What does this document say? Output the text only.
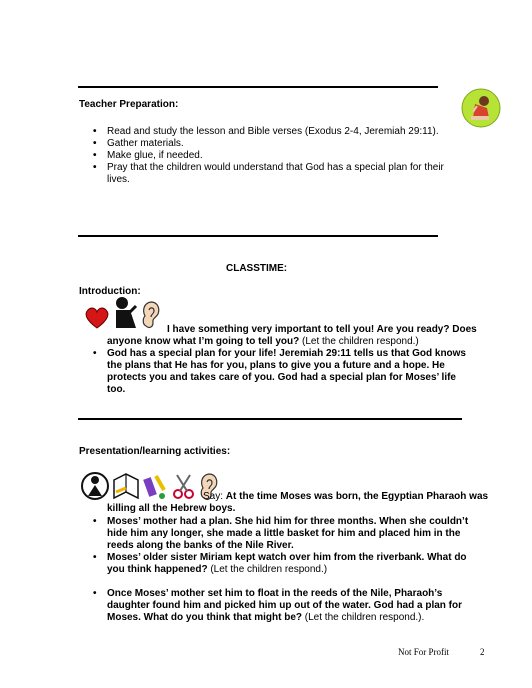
Teacher Preparation:
• Read and study the lesson and Bible verses (Exodus 2-4, Jeremiah 29:11).
• Gather materials.
• Make glue, if needed.
• Pray that the children would understand that God has a special plan for their lives.
CLASSTIME:
Introduction:
I have something very important to tell you! Are you ready? Does anyone know what I’m going to tell you? (Let the children respond.)
• God has a special plan for your life! Jeremiah 29:11 tells us that God knows the plans that He has for you, plans to give you a future and a hope. He protects you and takes care of you. God had a special plan for Moses’ life too.
Presentation/learning activities:
Say: At the time Moses was born, the Egyptian Pharaoh was killing all the Hebrew boys.
• Moses’ mother had a plan. She hid him for three months. When she couldn’t hide him any longer, she made a little basket for him and placed him in the reeds along the banks of the Nile River.
• Moses’ older sister Miriam kept watch over him from the riverbank. What do you think happened? (Let the children respond.)
• Once Moses’ mother set him to float in the reeds of the Nile, Pharaoh’s daughter found him and picked him up out of the water. God had a plan for Moses. What do you think that might be? (Let the children respond.).
Not For Profit	2
